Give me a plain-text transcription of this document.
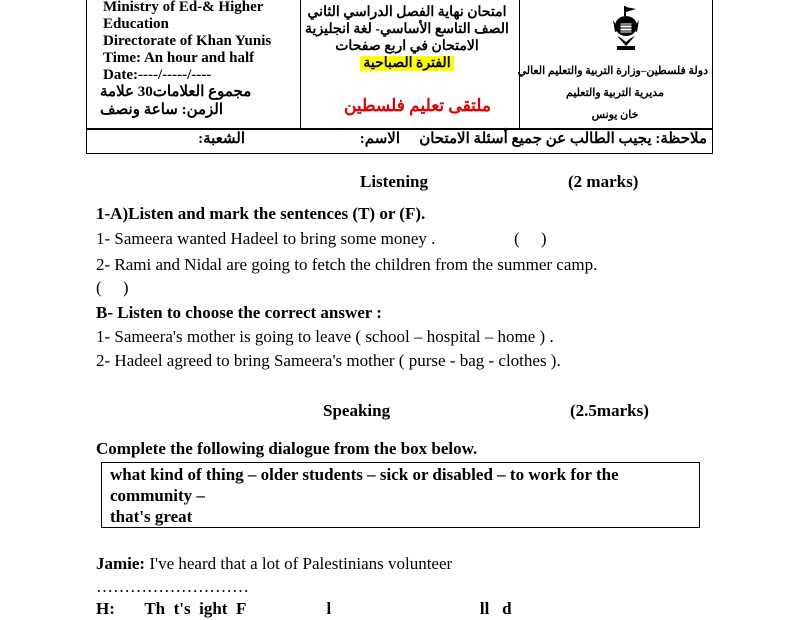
Ministry of Ed-& Higher
Education
Directorate of Khan Yunis
Time: An hour and half
Date:----/-----/----
مجموع العلامات30 علامة
الزمن: ساعة ونصف
امتحان نهاية الفصل الدراسي الثاني
الصف التاسع الأساسي- لغة انجليزية
الامتحان في اربع صفحات
الفترة الصباحية
ملتقى تعليم فلسطين
دولة فلسطين–وزارة التربية والتعليم العالي
مديرية التربية والتعليم
خان يونس
ملاحظة: يجيب الطالب عن جميع أسئلة الامتحان
الاسم:
الشعبة:
Listening	(2 marks)
1-A)Listen and mark the sentences (T) or (F).
1- Sameera wanted Hadeel to bring some money .	(     )
2- Rami and Nidal are going to fetch the children from the summer camp.
(     )
B- Listen to choose the correct answer :
1- Sameera's mother is going to leave ( school – hospital – home ) .
2- Hadeel agreed to bring Sameera's mother ( purse - bag - clothes ).
Speaking	(2.5marks)
Complete the following dialogue from the box below.
what kind of thing – older students – sick or disabled – to work for the
community –
that's great
Jamie: I've heard that a lot of Palestinians volunteer
………………………
H:       Th  t's  ight  F                   l                                   ll   d
